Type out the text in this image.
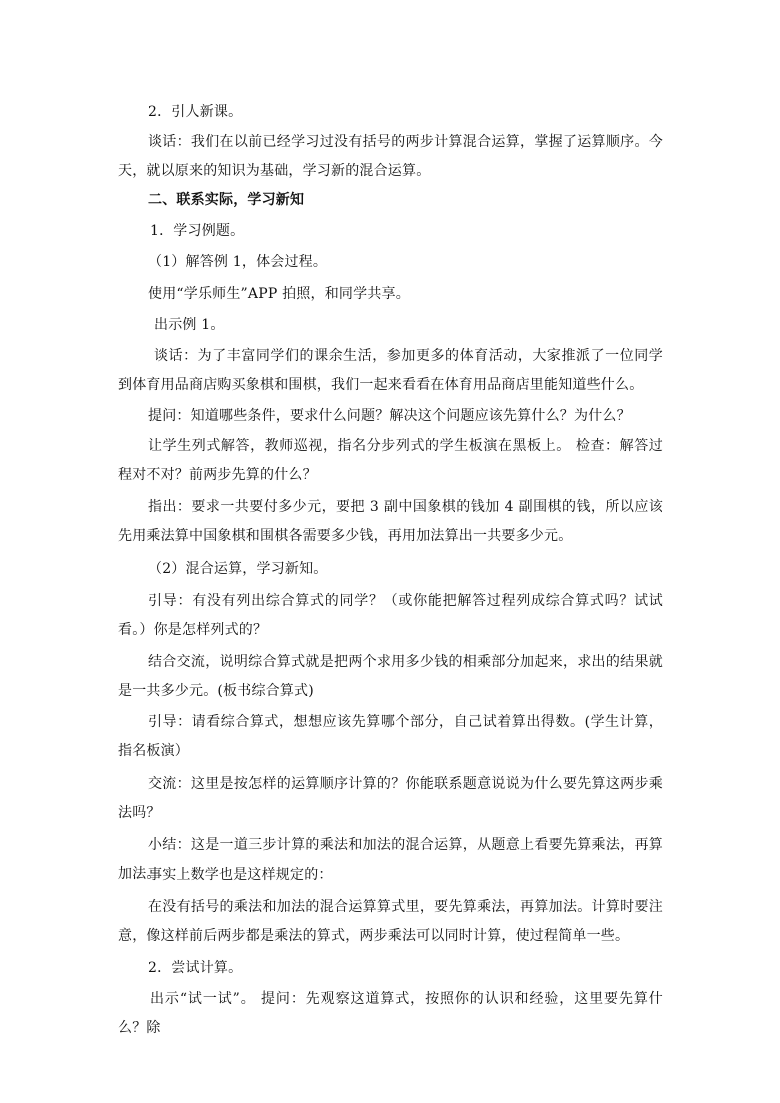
2．引人新课。

谈话：我们在以前已经学习过没有括号的两步计算混合运算，掌握了运算顺序。今天，就以原来的知识为基础，学习新的混合运算。

二、联系实际，学习新知

1．学习例题。

（1）解答例 1，体会过程。

使用“学乐师生”APP 拍照，和同学共享。

出示例 1。

谈话：为了丰富同学们的课余生活，参加更多的体育活动，大家推派了一位同学到体育用品商店购买象棋和围棋，我们一起来看看在体育用品商店里能知道些什么。

提问：知道哪些条件，要求什么问题？解决这个问题应该先算什么？为什么？

让学生列式解答，教师巡视，指名分步列式的学生板演在黑板上。 检查：解答过程对不对？前两步先算的什么？

指出：要求一共要付多少元，要把 3 副中国象棋的钱加 4 副围棋的钱，所以应该先用乘法算中国象棋和围棋各需要多少钱，再用加法算出一共要多少元。

（2）混合运算，学习新知。

引导：有没有列出综合算式的同学？（或你能把解答过程列成综合算式吗？试试看。）你是怎样列式的？

结合交流，说明综合算式就是把两个求用多少钱的相乘部分加起来，求出的结果就是一共多少元。(板书综合算式)

引导：请看综合算式，想想应该先算哪个部分，自己试着算出得数。(学生计算，指名板演）

交流：这里是按怎样的运算顺序计算的？你能联系题意说说为什么要先算这两步乘法吗？

小结：这是一道三步计算的乘法和加法的混合运算，从题意上看要先算乘法，再算加法。

事实上数学也是这样规定的：

在没有括号的乘法和加法的混合运算算式里，要先算乘法，再算加法。计算时要注意，像这样前后两步都是乘法的算式，两步乘法可以同时计算，使过程简单一些。

2．尝试计算。

出示“试一试”。 提问：先观察这道算式，按照你的认识和经验，这里要先算什么？除
